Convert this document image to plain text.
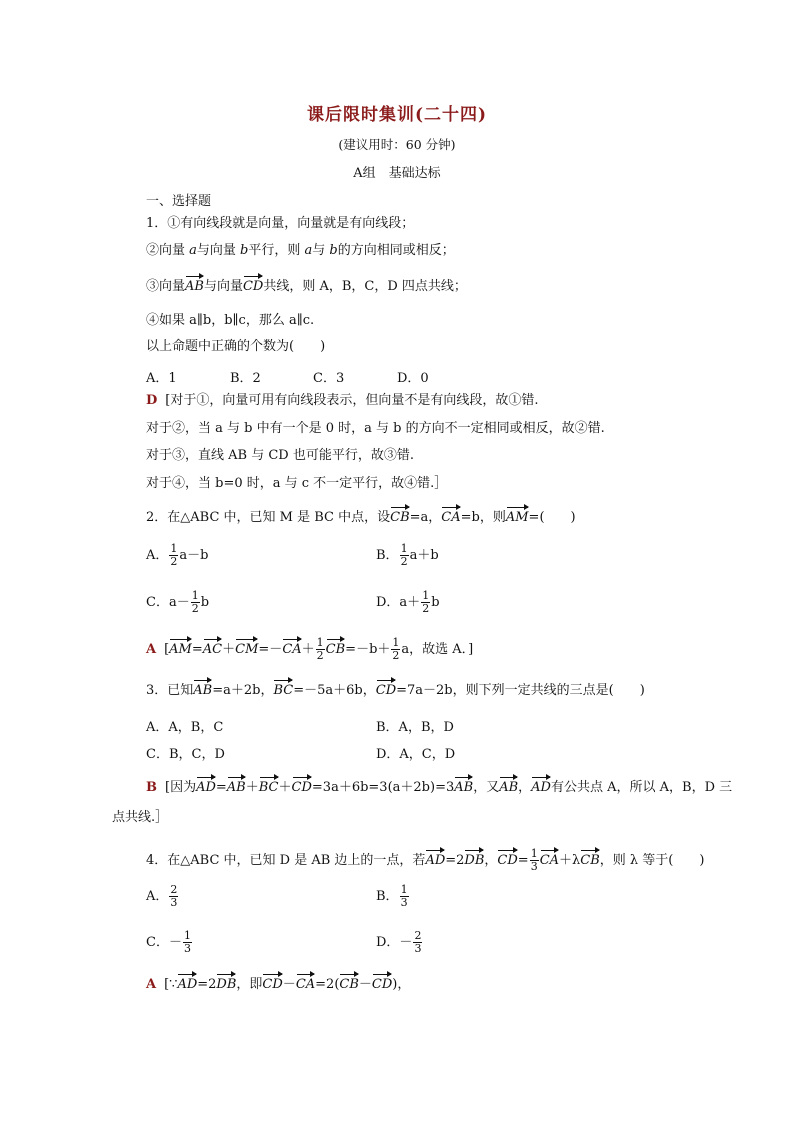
课后限时集训(二十四)
(建议用时：60 分钟)
A组　基础达标
一、选择题
1．①有向线段就是向量，向量就是有向线段；
②向量 a与向量 b平行，则 a与 b的方向相同或相反；
③向量AB与向量CD共线，则 A，B，C，D 四点共线；
④如果 a∥b，b∥c，那么 a∥c.
以上命题中正确的个数为(　　)
A．1	B．2	C．3	D．0
D [对于①，向量可用有向线段表示，但向量不是有向线段，故①错.
对于②，当 a 与 b 中有一个是 0 时，a 与 b 的方向不一定相同或相反，故②错.
对于③，直线 AB 与 CD 也可能平行，故③错.
对于④，当 b=0 时，a 与 c 不一定平行，故④错.］
2．在△ABC 中，已知 M 是 BC 中点，设CB=a，CA=b，则AM=(　　)
A． $\frac{1}{2} a-b$	B． $\frac{1}{2} a+b$
C．$a- \frac{1}{2}$ b	D．$a+ \frac{1}{2}$ b
A [$AM=AC+CM=-CA+ \frac{1}{2} CB=-b+ \frac{1}{2}$ a，故选 A．]
3．已知AB=a＋2b，BC=－5a＋6b，CD=7a－2b，则下列一定共线的三点是(　　)
A．A，B，C	B．A，B，D
C．B，C，D	D．A，C，D
B [因为AD=AB＋BC＋CD=3a＋6b=3(a＋2b)=3AB，又AB，AD有公共点 A，所以 A，B，D 三
点共线.］
4．在△ABC 中，已知 D 是 AB 边上的一点，若AD=2DB，$CD= \frac{1}{3} CA+\lambda CB$，则 λ 等于(　　)
A． $\frac{2}{3}$	B． $\frac{1}{3}$
C．－ $\frac{1}{3}$	D．－ $\frac{2}{3}$
A [∵AD=2DB，即CD－CA=2(CB－CD)，
